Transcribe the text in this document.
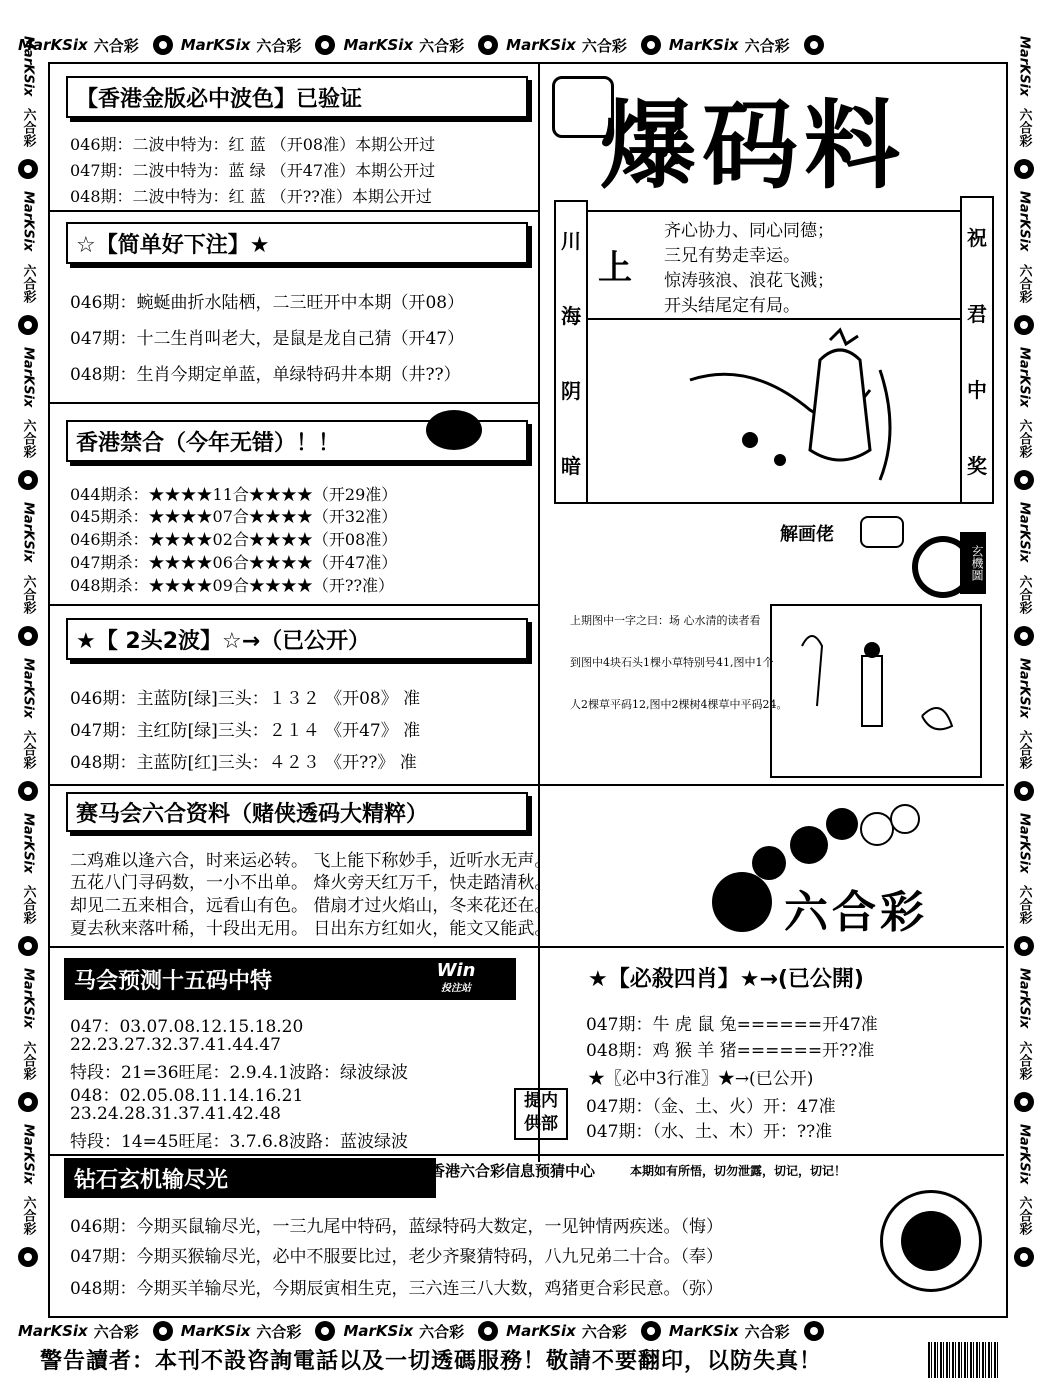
MarKSix 六合彩	MarKSix 六合彩	MarKSix 六合彩	MarKSix 六合彩	MarKSix 六合彩
MarKSix 六合彩	MarKSix 六合彩	MarKSix 六合彩	MarKSix 六合彩	MarKSix 六合彩
MarKSix
六合彩
MarKSix
六合彩
MarKSix
六合彩
MarKSix
六合彩
MarKSix
六合彩
MarKSix
六合彩
MarKSix
六合彩
MarKSix
六合彩
MarKSix
六合彩
MarKSix
六合彩
MarKSix
六合彩
MarKSix
六合彩
MarKSix
六合彩
MarKSix
六合彩
MarKSix
六合彩
MarKSix
六合彩
【香港金版必中波色】已验证
046期：二波中特为：红 蓝 （开08准）本期公开过
047期：二波中特为：蓝 绿 （开47准）本期公开过
048期：二波中特为：红 蓝 （开??准）本期公开过
☆【简单好下注】★
046期：蜿蜒曲折水陆栖，二三旺开中本期（开08）
047期：十二生肖叫老大，是鼠是龙自己猜（开47）
048期：生肖今期定单蓝，单绿特码井本期（井??）
香港禁合（今年无错）！！
044期杀：★★★★11合★★★★（开29准）
045期杀：★★★★07合★★★★（开32准）
046期杀：★★★★02合★★★★（开08准）
047期杀：★★★★06合★★★★（开47准）
048期杀：★★★★09合★★★★（开??准）
★【 2头2波】☆→（已公开）
046期：主蓝防[绿]三头：１３２ 《开08》 准
047期：主红防[绿]三头：２１４ 《开47》 准
048期：主蓝防[红]三头：４２３ 《开??》 准
赛马会六合资料（赌侠透码大精粹）
二鸡难以逢六合，时来运必转。 飞上能下称妙手，近听水无声。
五花八门寻码数，一小不出单。 烽火旁天红万千，快走踏清秋。
却见二五来相合，远看山有色。 借扇才过火焰山，冬来花还在。
夏去秋来落叶稀，十段出无用。 日出东方红如火，能文又能武。
马会预测十五码中特	Win
投注站
047：03.07.08.12.15.18.20
22.23.27.32.37.41.44.47
特段：21=36旺尾：2.9.4.1波路：绿波绿波
048：02.05.08.11.14.16.21
23.24.28.31.37.41.42.48
特段：14=45旺尾：3.7.6.8波路：蓝波绿波
钻石玄机输尽光
046期：今期买鼠输尽光，一三九尾中特码，蓝绿特码大数定，一见钟情两疾迷。（悔）
047期：今期买猴输尽光，必中不服要比过，老少齐聚猜特码，八九兄弟二十合。（奉）
048期：今期买羊输尽光，今期辰寅相生克，三六连三八大数，鸡猪更合彩民意。（弥）
爆码料
川
海
阴
暗
祝
君
中
奖
上
齐心协力、同心同德；
三兄有势走幸运。
惊涛骇浪、浪花飞溅；
开头结尾定有局。
解画佬
玄機圖
上期图中一字之曰：场 心水清的读者看
到图中4块石头1棵小草特别号41,图中1个
人2棵草平码12,图中2棵树4棵草中平码24。
六合彩
★【必殺四肖】★→(已公開)
047期：牛 虎 鼠 兔======开47准
048期：鸡 猴 羊 猪======开??准
★〖必中3行准〗★→(已公开)
047期：（金、土、火）开：47准
047期：（水、土、木）开：??准
提内
供部
香港六合彩信息预猜中心	本期如有所悟，切勿泄露，切记，切记！
警告讀者：本刊不設咨詢電話以及一切透碼服務！敬請不要翻印，以防失真！
